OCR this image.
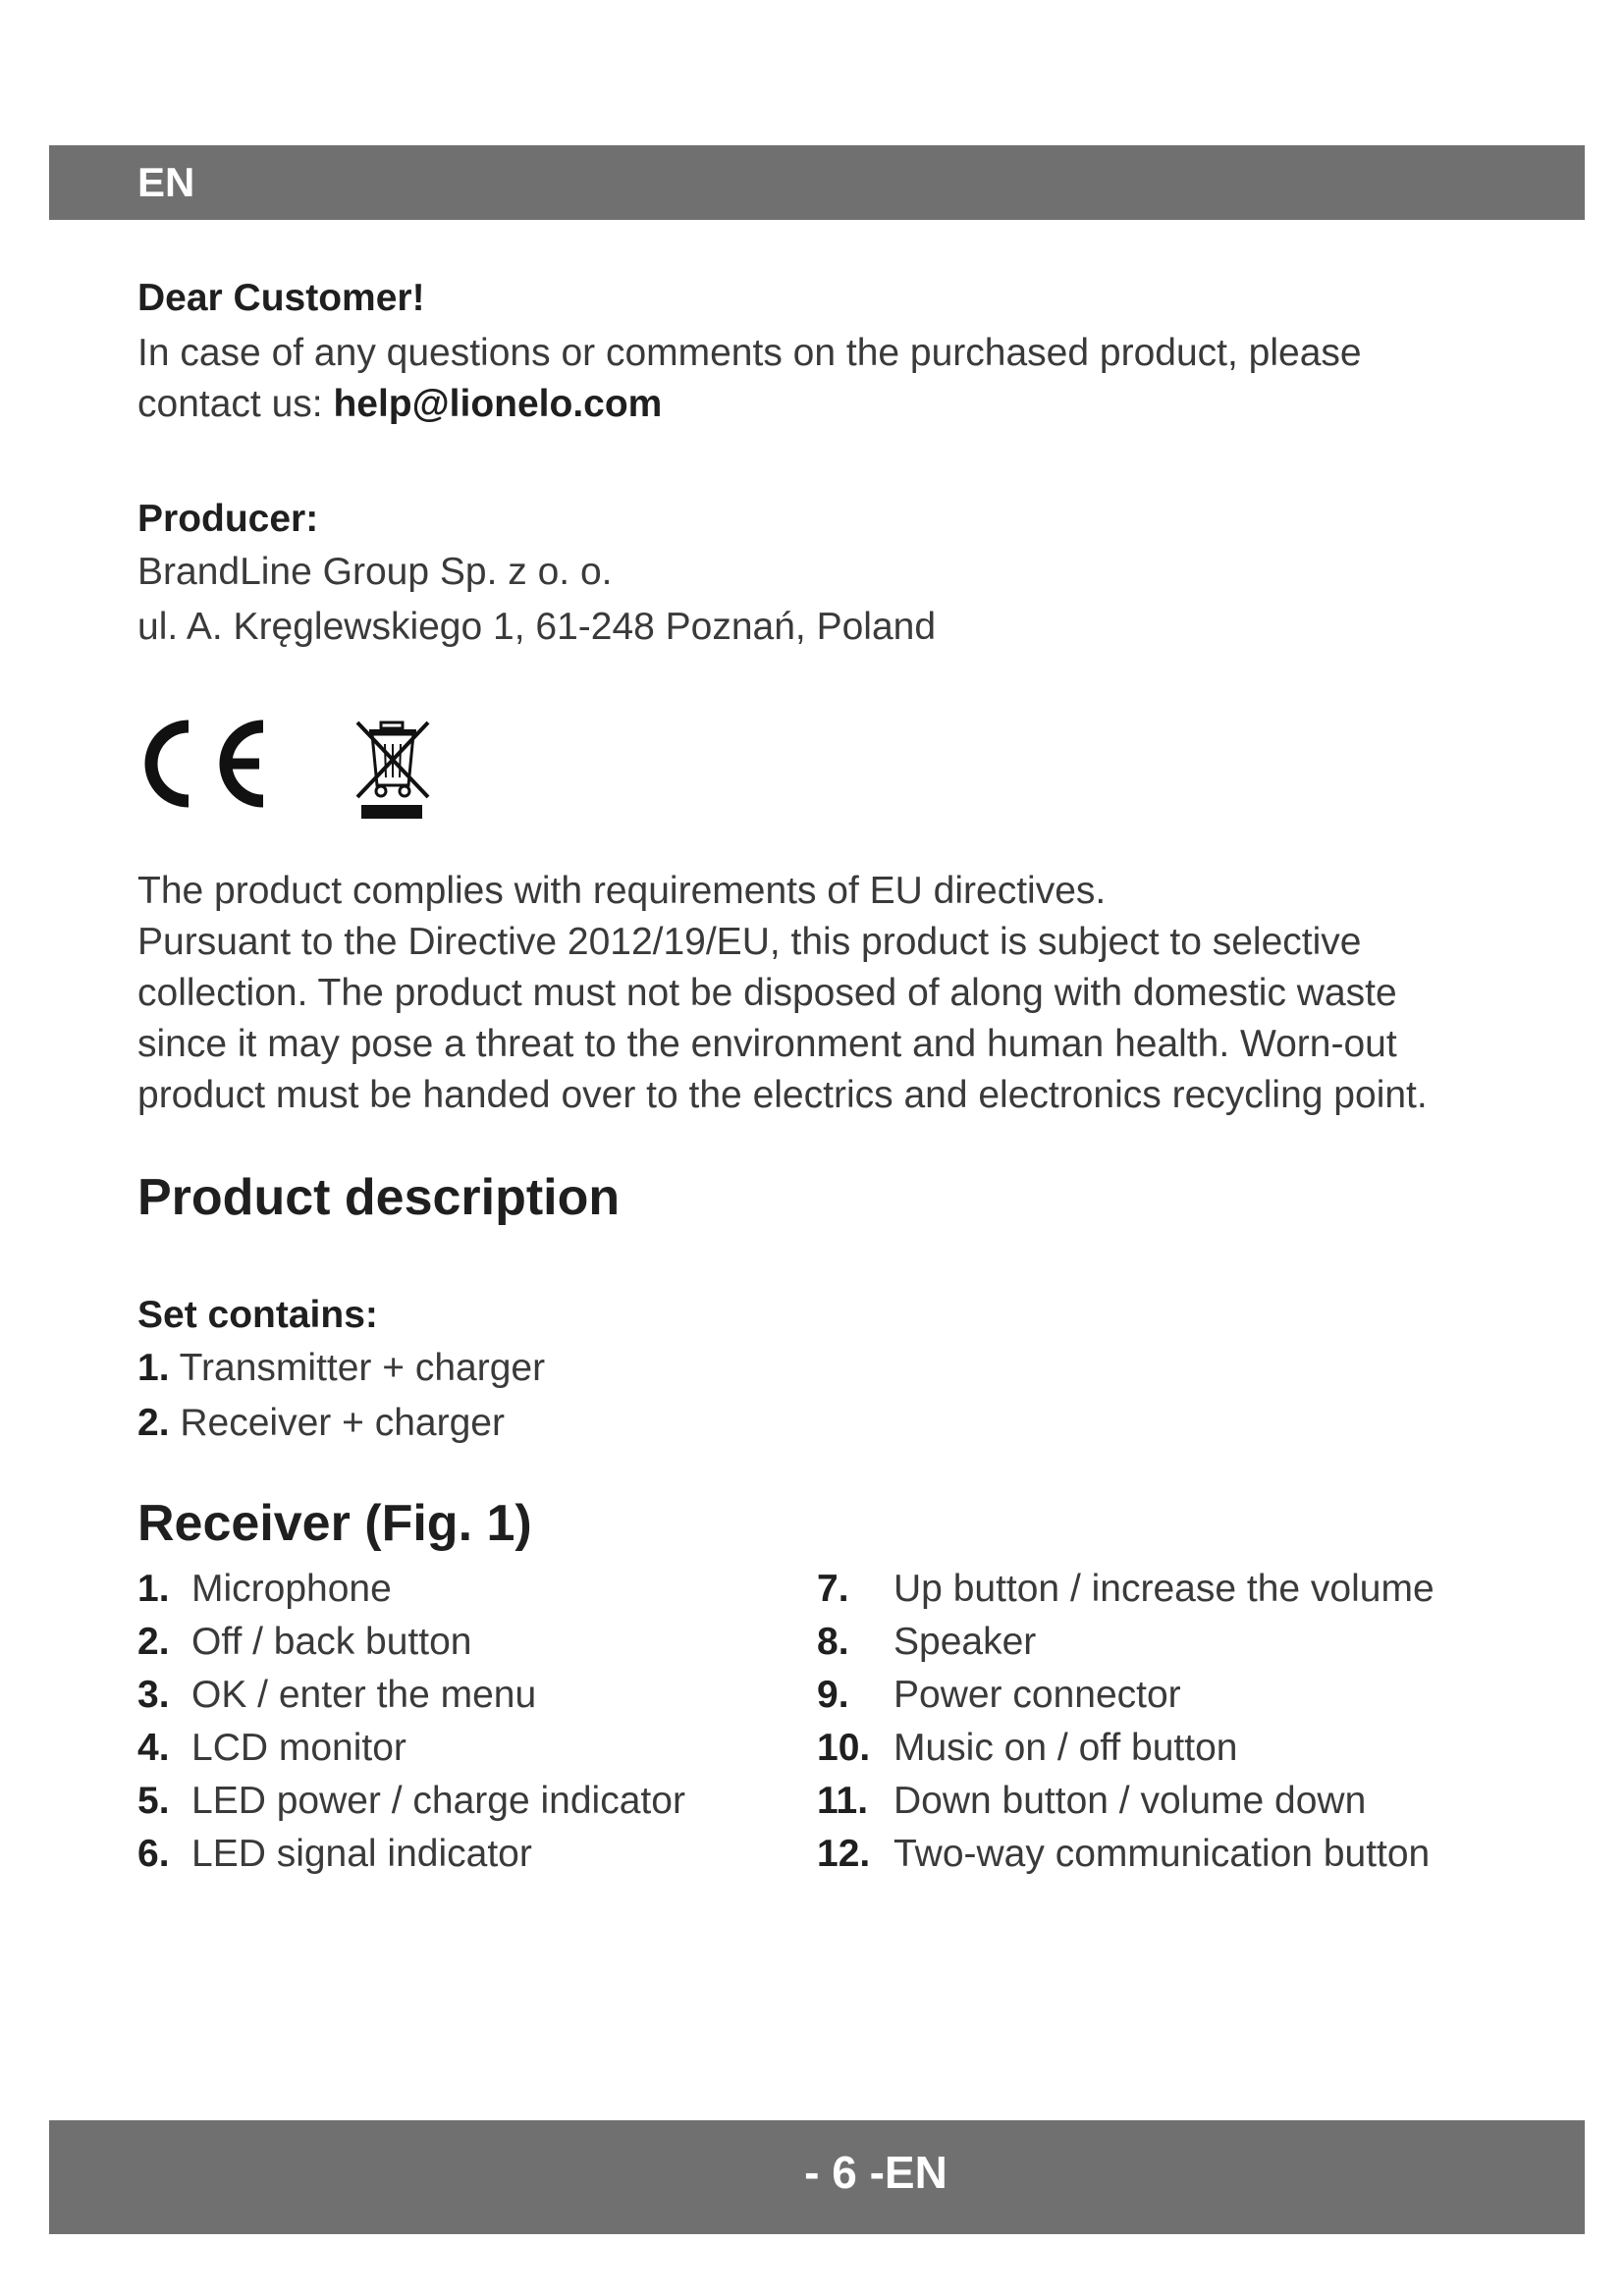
EN
Dear Customer!
In case of any questions or comments on the purchased product, please
contact us: help@lionelo.com
Producer:
BrandLine Group Sp. z o. o.
ul. A. Kręglewskiego 1, 61-248 Poznań, Poland

The product complies with requirements of EU directives.
Pursuant to the Directive 2012/19/EU, this product is subject to selective
collection. The product must not be disposed of along with domestic waste
since it may pose a threat to the environment and human health. Worn-out
product must be handed over to the electrics and electronics recycling point.
Product description
Set contains:
1. Transmitter + charger
2. Receiver + charger
Receiver (Fig. 1)
1. Microphone
2. Off / back button
3. OK / enter the menu
4. LCD monitor
5. LED power / charge indicator
6. LED signal indicator
7. Up button / increase the volume
8. Speaker
9. Power connector
10. Music on / off button
11. Down button / volume down
12. Two-way communication button
- 6 -EN
